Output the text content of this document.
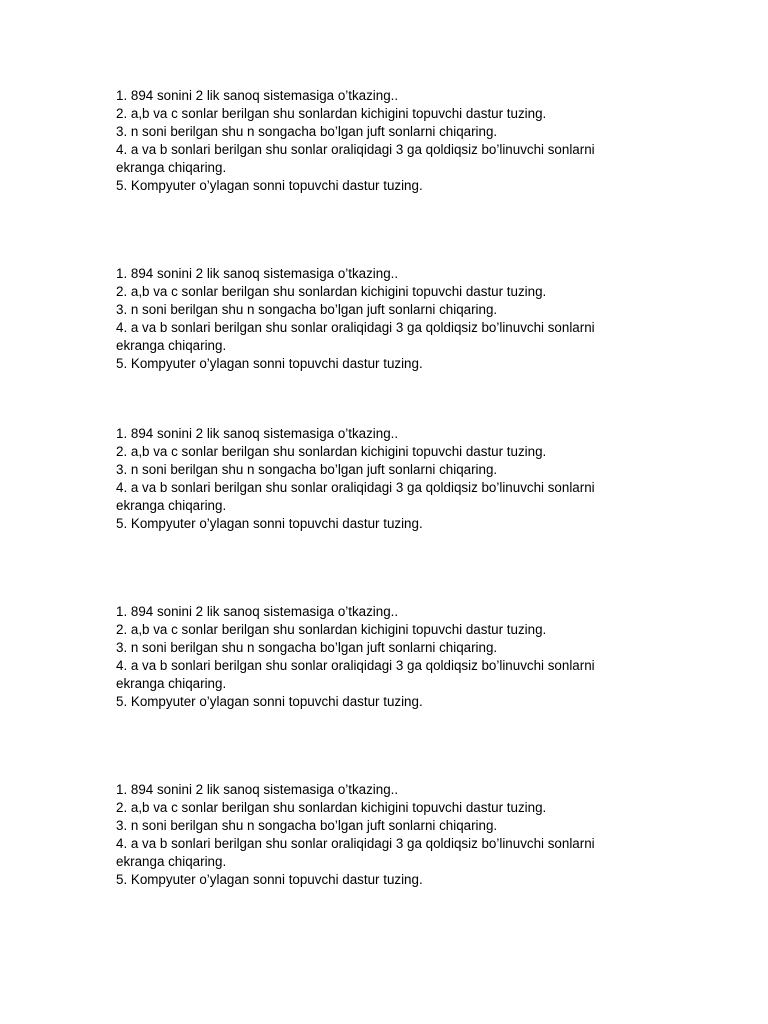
1. 894 sonini 2 lik sanoq sistemasiga o’tkazing..
2. a,b va c sonlar berilgan shu sonlardan kichigini topuvchi dastur tuzing.
3. n soni berilgan shu n songacha bo’lgan juft sonlarni chiqaring.
4. a va b sonlari berilgan shu sonlar oraliqidagi 3 ga qoldiqsiz bo’linuvchi sonlarni
ekranga chiqaring.
5. Kompyuter o’ylagan sonni topuvchi dastur tuzing.
1. 894 sonini 2 lik sanoq sistemasiga o’tkazing..
2. a,b va c sonlar berilgan shu sonlardan kichigini topuvchi dastur tuzing.
3. n soni berilgan shu n songacha bo’lgan juft sonlarni chiqaring.
4. a va b sonlari berilgan shu sonlar oraliqidagi 3 ga qoldiqsiz bo’linuvchi sonlarni
ekranga chiqaring.
5. Kompyuter o’ylagan sonni topuvchi dastur tuzing.
1. 894 sonini 2 lik sanoq sistemasiga o’tkazing..
2. a,b va c sonlar berilgan shu sonlardan kichigini topuvchi dastur tuzing.
3. n soni berilgan shu n songacha bo’lgan juft sonlarni chiqaring.
4. a va b sonlari berilgan shu sonlar oraliqidagi 3 ga qoldiqsiz bo’linuvchi sonlarni
ekranga chiqaring.
5. Kompyuter o’ylagan sonni topuvchi dastur tuzing.
1. 894 sonini 2 lik sanoq sistemasiga o’tkazing..
2. a,b va c sonlar berilgan shu sonlardan kichigini topuvchi dastur tuzing.
3. n soni berilgan shu n songacha bo’lgan juft sonlarni chiqaring.
4. a va b sonlari berilgan shu sonlar oraliqidagi 3 ga qoldiqsiz bo’linuvchi sonlarni
ekranga chiqaring.
5. Kompyuter o’ylagan sonni topuvchi dastur tuzing.
1. 894 sonini 2 lik sanoq sistemasiga o’tkazing..
2. a,b va c sonlar berilgan shu sonlardan kichigini topuvchi dastur tuzing.
3. n soni berilgan shu n songacha bo’lgan juft sonlarni chiqaring.
4. a va b sonlari berilgan shu sonlar oraliqidagi 3 ga qoldiqsiz bo’linuvchi sonlarni
ekranga chiqaring.
5. Kompyuter o’ylagan sonni topuvchi dastur tuzing.
